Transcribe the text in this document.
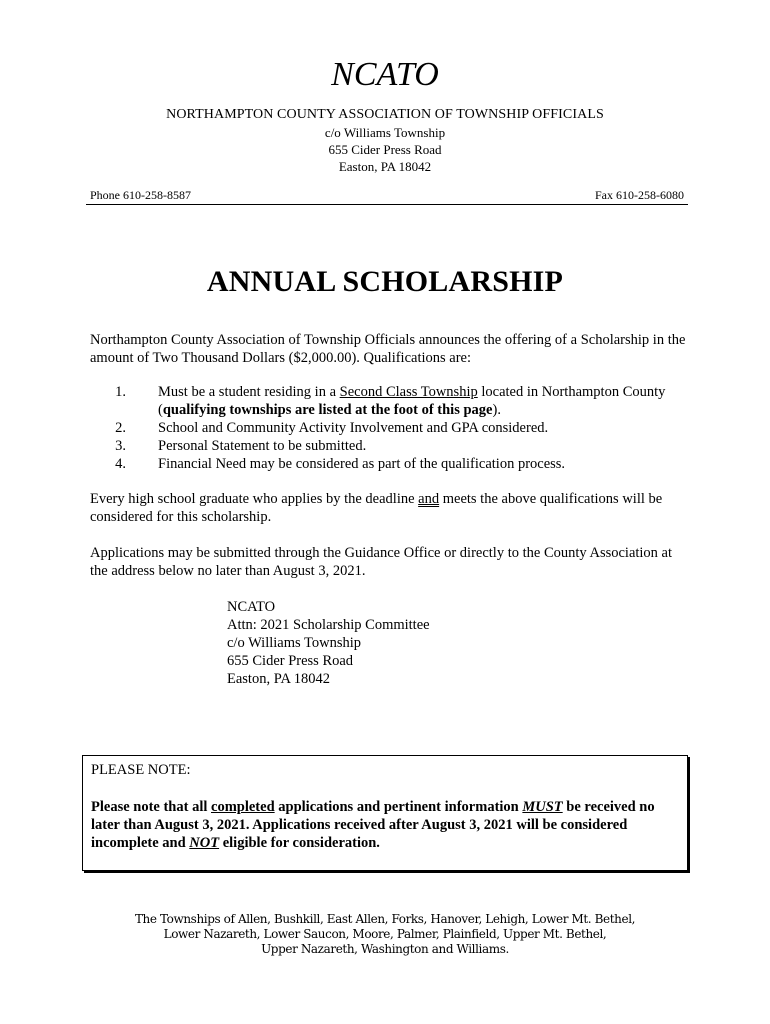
NCATO
NORTHAMPTON COUNTY ASSOCIATION OF TOWNSHIP OFFICIALS
c/o Williams Township
655 Cider Press Road
Easton, PA 18042
Phone 610-258-8587	Fax 610-258-6080
ANNUAL SCHOLARSHIP
Northampton County Association of Township Officials announces the offering of a Scholarship in the amount of Two Thousand Dollars ($2,000.00). Qualifications are:
1. Must be a student residing in a Second Class Township located in Northampton County (qualifying townships are listed at the foot of this page).
2. School and Community Activity Involvement and GPA considered.
3. Personal Statement to be submitted.
4. Financial Need may be considered as part of the qualification process.
Every high school graduate who applies by the deadline and meets the above qualifications will be considered for this scholarship.
Applications may be submitted through the Guidance Office or directly to the County Association at the address below no later than August 3, 2021.
NCATO
Attn: 2021 Scholarship Committee
c/o Williams Township
655 Cider Press Road
Easton, PA 18042
PLEASE NOTE:
Please note that all completed applications and pertinent information MUST be received no later than August 3, 2021. Applications received after August 3, 2021 will be considered incomplete and NOT eligible for consideration.
The Townships of Allen, Bushkill, East Allen, Forks, Hanover, Lehigh, Lower Mt. Bethel,
Lower Nazareth, Lower Saucon, Moore, Palmer, Plainfield, Upper Mt. Bethel,
Upper Nazareth, Washington and Williams.
